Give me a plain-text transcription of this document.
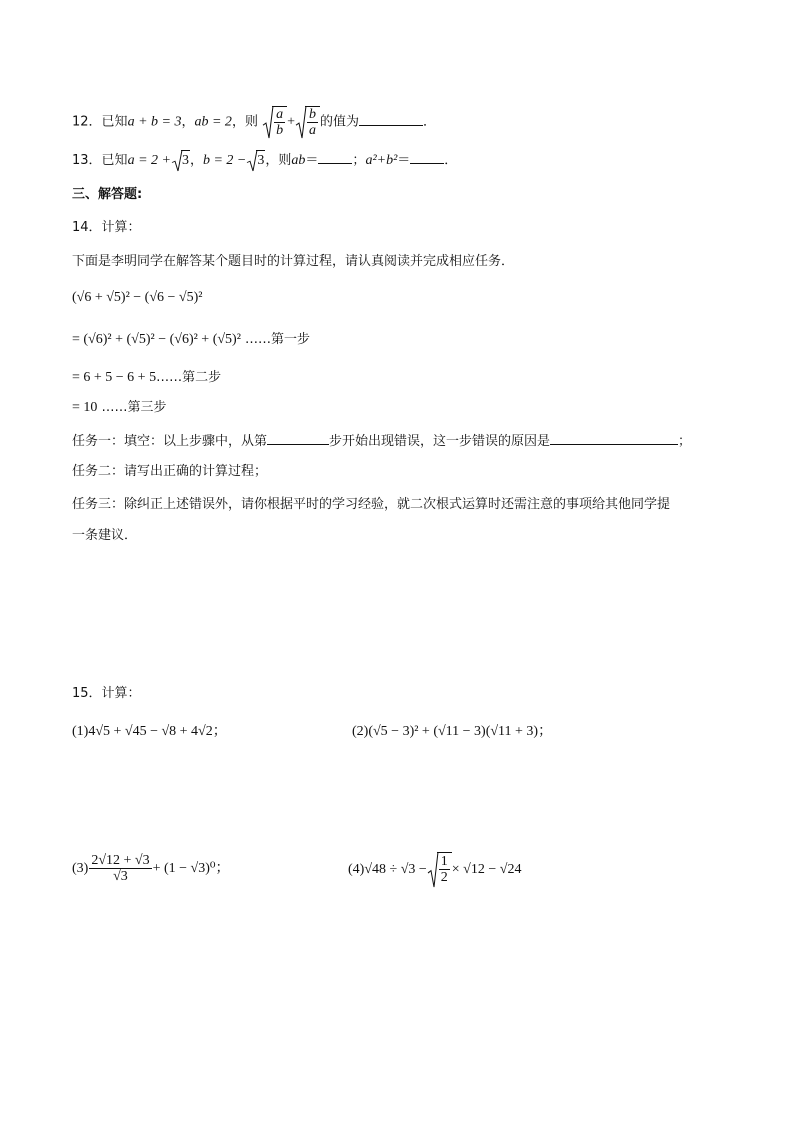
12．已知a + b = 3，ab = 2，则 $\frac{a}{b} + \frac{b}{a}$ 的值为	．
13．已知a = 2 + 3，b = 2 − 3，则ab＝	；a²+b²＝	．
三、解答题:
14．计算：
下面是李明同学在解答某个题目时的计算过程，请认真阅读并完成相应任务．
(√6 + √5)² − (√6 − √5)²
= (√6)² + (√5)² − (√6)² + (√5)² ……第一步
= 6 + 5 − 6 + 5……第二步
= 10 ……第三步
任务一：填空：以上步骤中，从第	步开始出现错误，这一步错误的原因是	；
任务二：请写出正确的计算过程；
任务三：除纠正上述错误外，请你根据平时的学习经验，就二次根式运算时还需注意的事项给其他同学提
一条建议．
15．计算：
(1)4√5 + √45 − √8 + 4√2；	(2)(√5 − 3)² + (√11 − 3)(√11 + 3)；
$(3) \frac{2√12 + √3}{√3} + (1 - √3)^0$；	$(4)√48 \div √3 - \frac{1}{2} \times √12 - √24$
